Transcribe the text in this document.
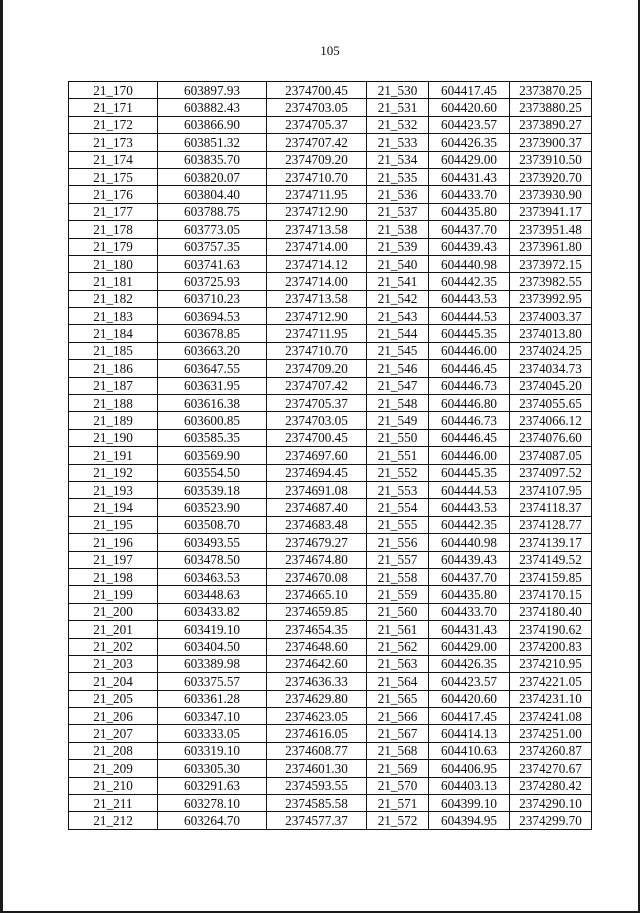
105
21_170	603897.93	2374700.45	21_530	604417.45	2373870.25
21_171	603882.43	2374703.05	21_531	604420.60	2373880.25
21_172	603866.90	2374705.37	21_532	604423.57	2373890.27
21_173	603851.32	2374707.42	21_533	604426.35	2373900.37
21_174	603835.70	2374709.20	21_534	604429.00	2373910.50
21_175	603820.07	2374710.70	21_535	604431.43	2373920.70
21_176	603804.40	2374711.95	21_536	604433.70	2373930.90
21_177	603788.75	2374712.90	21_537	604435.80	2373941.17
21_178	603773.05	2374713.58	21_538	604437.70	2373951.48
21_179	603757.35	2374714.00	21_539	604439.43	2373961.80
21_180	603741.63	2374714.12	21_540	604440.98	2373972.15
21_181	603725.93	2374714.00	21_541	604442.35	2373982.55
21_182	603710.23	2374713.58	21_542	604443.53	2373992.95
21_183	603694.53	2374712.90	21_543	604444.53	2374003.37
21_184	603678.85	2374711.95	21_544	604445.35	2374013.80
21_185	603663.20	2374710.70	21_545	604446.00	2374024.25
21_186	603647.55	2374709.20	21_546	604446.45	2374034.73
21_187	603631.95	2374707.42	21_547	604446.73	2374045.20
21_188	603616.38	2374705.37	21_548	604446.80	2374055.65
21_189	603600.85	2374703.05	21_549	604446.73	2374066.12
21_190	603585.35	2374700.45	21_550	604446.45	2374076.60
21_191	603569.90	2374697.60	21_551	604446.00	2374087.05
21_192	603554.50	2374694.45	21_552	604445.35	2374097.52
21_193	603539.18	2374691.08	21_553	604444.53	2374107.95
21_194	603523.90	2374687.40	21_554	604443.53	2374118.37
21_195	603508.70	2374683.48	21_555	604442.35	2374128.77
21_196	603493.55	2374679.27	21_556	604440.98	2374139.17
21_197	603478.50	2374674.80	21_557	604439.43	2374149.52
21_198	603463.53	2374670.08	21_558	604437.70	2374159.85
21_199	603448.63	2374665.10	21_559	604435.80	2374170.15
21_200	603433.82	2374659.85	21_560	604433.70	2374180.40
21_201	603419.10	2374654.35	21_561	604431.43	2374190.62
21_202	603404.50	2374648.60	21_562	604429.00	2374200.83
21_203	603389.98	2374642.60	21_563	604426.35	2374210.95
21_204	603375.57	2374636.33	21_564	604423.57	2374221.05
21_205	603361.28	2374629.80	21_565	604420.60	2374231.10
21_206	603347.10	2374623.05	21_566	604417.45	2374241.08
21_207	603333.05	2374616.05	21_567	604414.13	2374251.00
21_208	603319.10	2374608.77	21_568	604410.63	2374260.87
21_209	603305.30	2374601.30	21_569	604406.95	2374270.67
21_210	603291.63	2374593.55	21_570	604403.13	2374280.42
21_211	603278.10	2374585.58	21_571	604399.10	2374290.10
21_212	603264.70	2374577.37	21_572	604394.95	2374299.70
